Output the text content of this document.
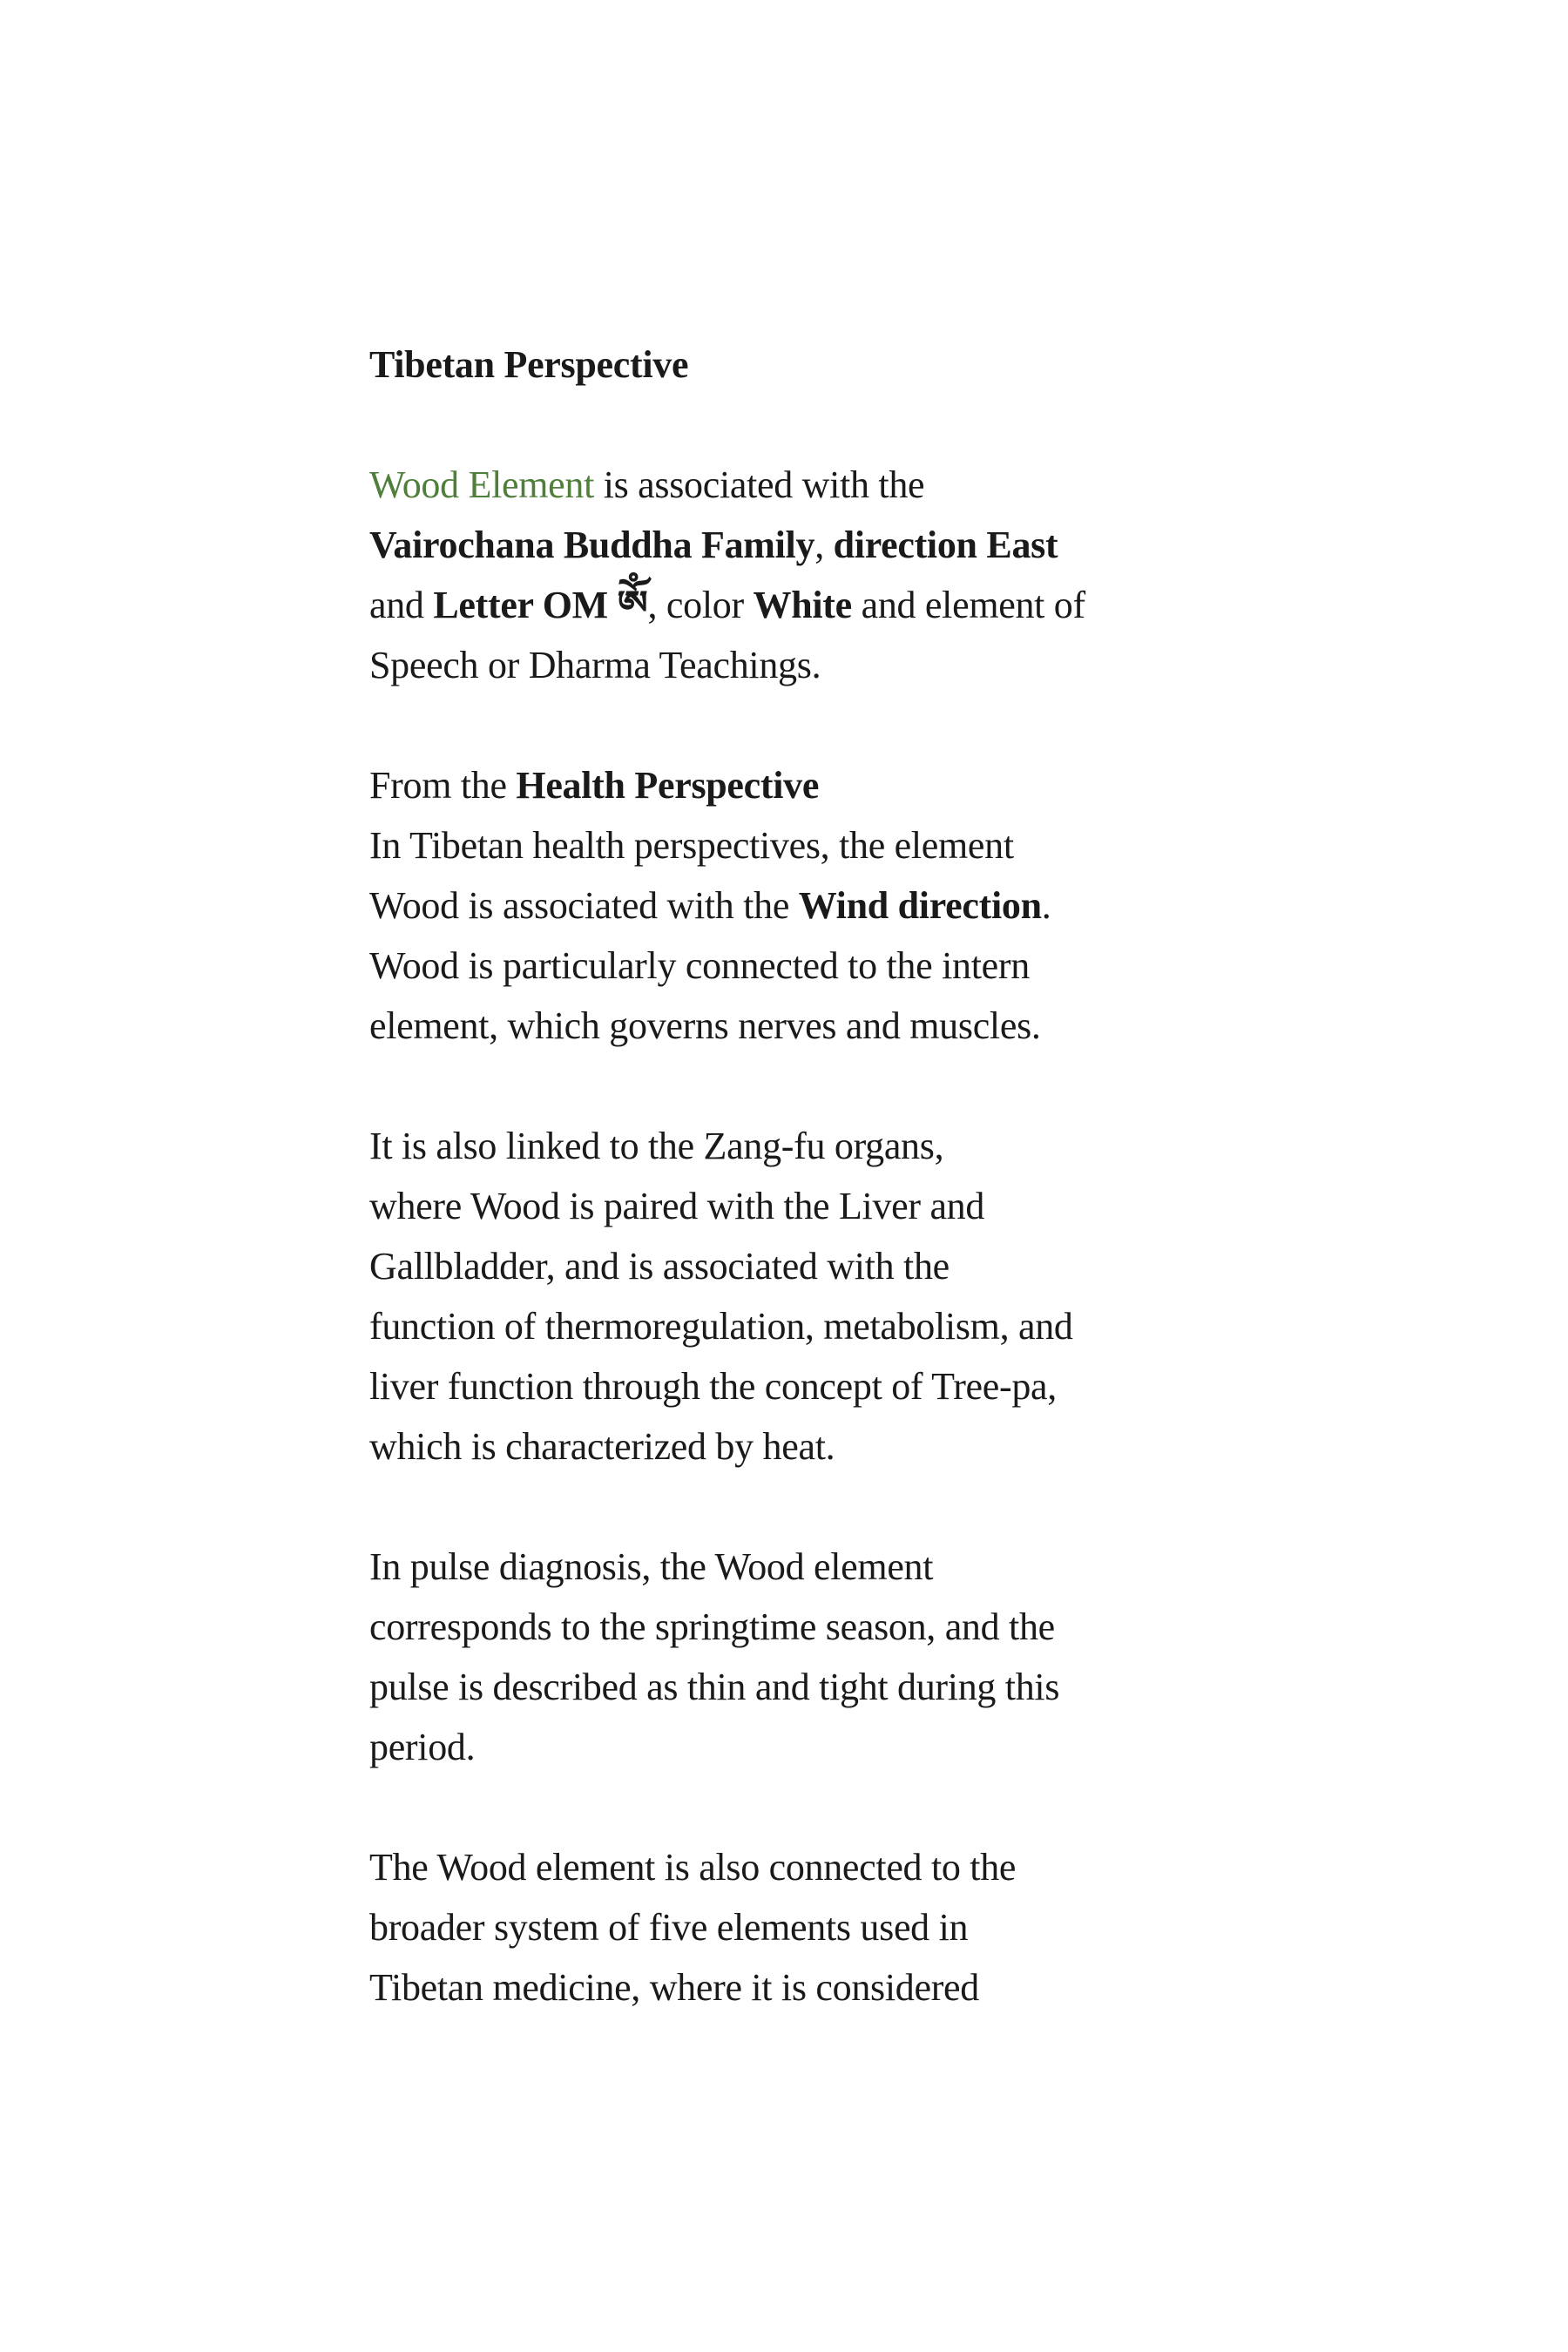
Tibetan Perspective
Wood Element is associated with the
Vairochana Buddha Family, direction East
and Letter OM ༀ, color White and element of
Speech or Dharma Teachings.
From the Health Perspective
In Tibetan health perspectives, the element
Wood is associated with the Wind direction.
Wood is particularly connected to the intern
element, which governs nerves and muscles.
It is also linked to the Zang-fu organs,
where Wood is paired with the Liver and
Gallbladder, and is associated with the
function of thermoregulation, metabolism, and
liver function through the concept of Tree-pa,
which is characterized by heat.
In pulse diagnosis, the Wood element
corresponds to the springtime season, and the
pulse is described as thin and tight during this
period.
The Wood element is also connected to the
broader system of five elements used in
Tibetan medicine, where it is considered
